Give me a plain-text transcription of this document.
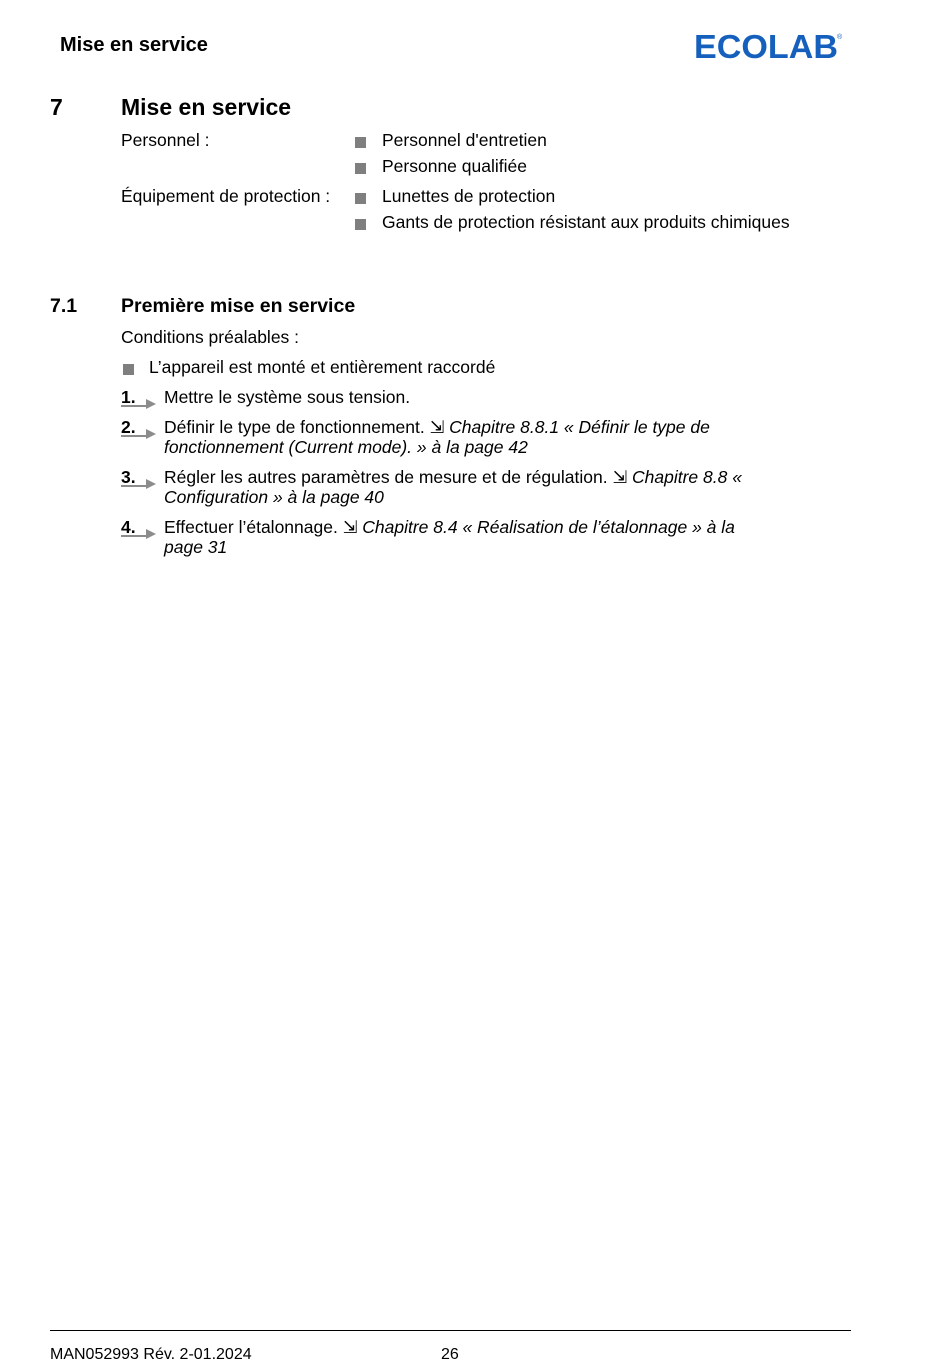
Mise en service	ECOLAB ®
7	Mise en service
Personnel :	Personnel d'entretien
Personne qualifiée
Équipement de protection :	Lunettes de protection
Gants de protection résistant aux produits chimiques
7.1 Première mise en service
Conditions préalables :
L’appareil est monté et entièrement raccordé
1. Mettre le système sous tension.
2. Définir le type de fonctionnement. ⇲ Chapitre 8.8.1 « Définir le type de fonctionnement (Current mode). » à la page 42
3. Régler les autres paramètres de mesure et de régulation. ⇲ Chapitre 8.8 « Configuration » à la page 40
4. Effectuer l’étalonnage. ⇲ Chapitre 8.4 « Réalisation de l’étalonnage » à la page 31
MAN052993 Rév. 2-01.2024	26
